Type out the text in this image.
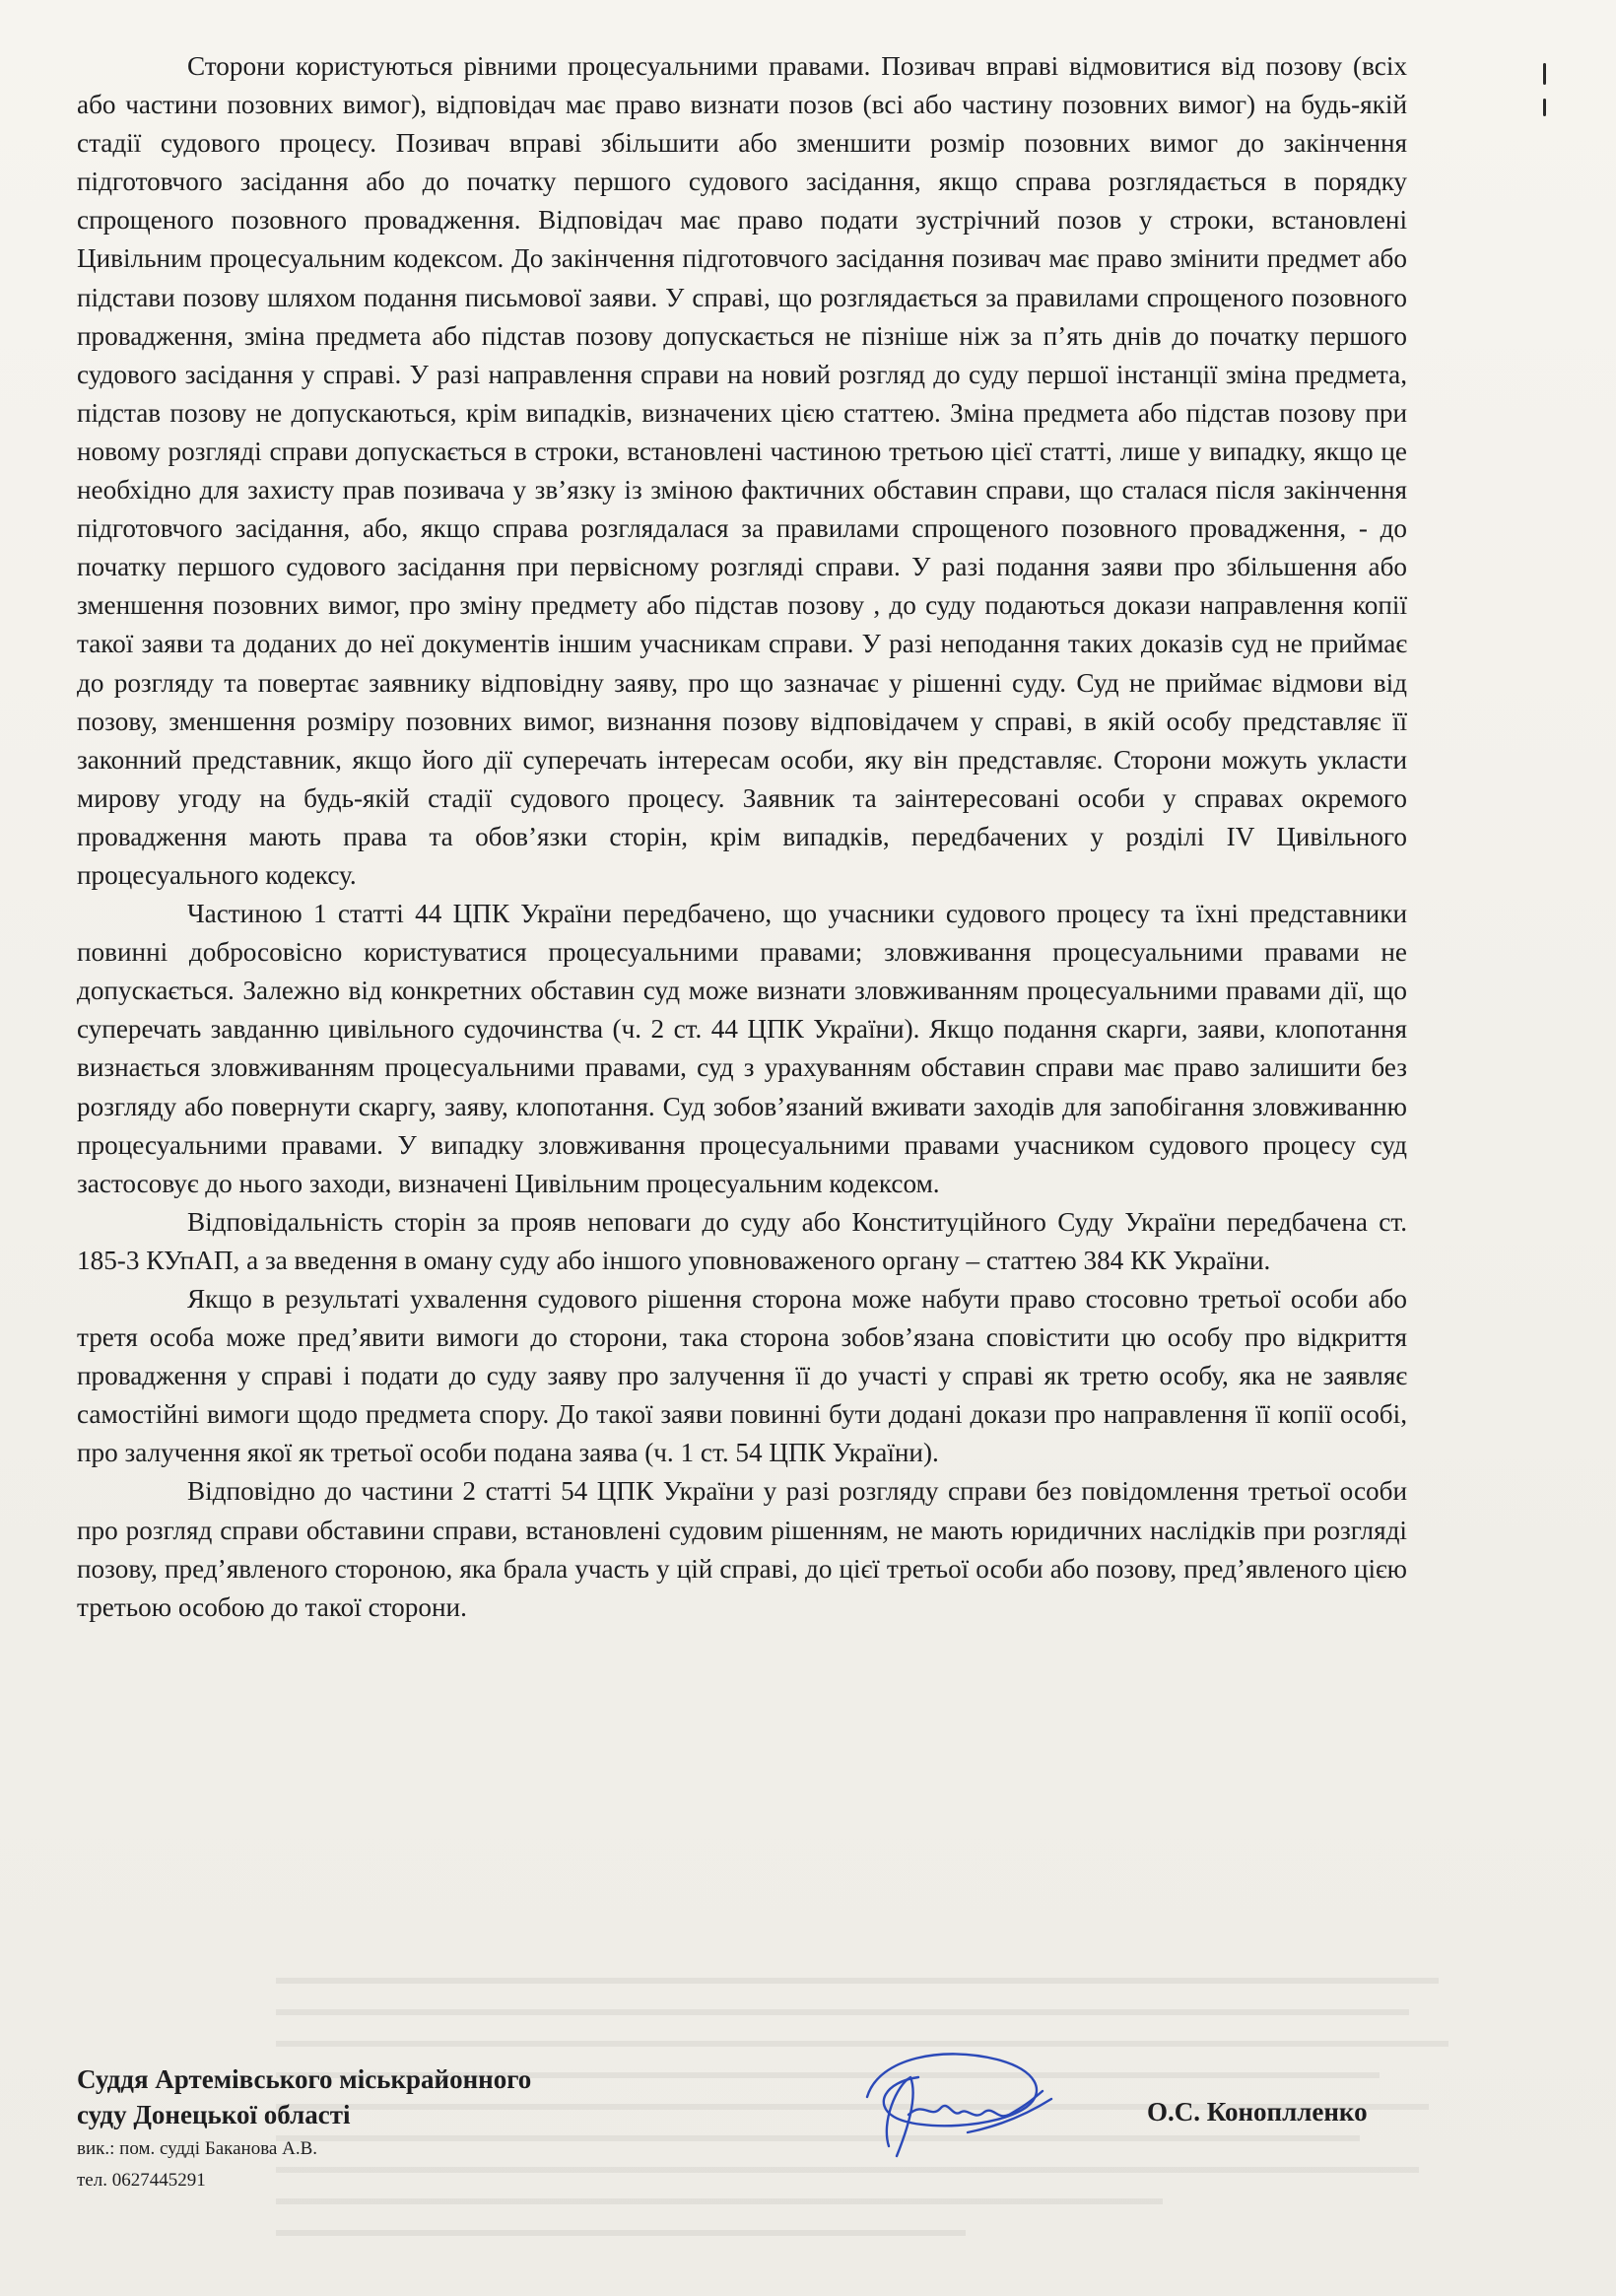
Сторони користуються рівними процесуальними правами. Позивач вправі відмовитися від позову (всіх або частини позовних вимог), відповідач має право визнати позов (всі або частину позовних вимог) на будь-якій стадії судового процесу. Позивач вправі збільшити або зменшити розмір позовних вимог до закінчення підготовчого засідання або до початку першого судового засідання, якщо справа розглядається в порядку спрощеного позовного провадження. Відповідач має право подати зустрічний позов у строки, встановлені Цивільним процесуальним кодексом. До закінчення підготовчого засідання позивач має право змінити предмет або підстави позову шляхом подання письмової заяви. У справі, що розглядається за правилами спрощеного позовного провадження, зміна предмета або підстав позову допускається не пізніше ніж за п’ять днів до початку першого судового засідання у справі. У разі направлення справи на новий розгляд до суду першої інстанції зміна предмета, підстав позову не допускаються, крім випадків, визначених цією статтею. Зміна предмета або підстав позову при новому розгляді справи допускається в строки, встановлені частиною третьою цієї статті, лише у випадку, якщо це необхідно для захисту прав позивача у зв’язку із зміною фактичних обставин справи, що сталася після закінчення підготовчого засідання, або, якщо справа розглядалася за правилами спрощеного позовного провадження, - до початку першого судового засідання при первісному розгляді справи. У разі подання заяви про збільшення або зменшення позовних вимог, про зміну предмету або підстав позову , до суду подаються докази направлення копії такої заяви та доданих до неї документів іншим учасникам справи. У разі неподання таких доказів суд не приймає до розгляду та повертає заявнику відповідну заяву, про що зазначає у рішенні суду. Суд не приймає відмови від позову, зменшення розміру позовних вимог, визнання позову відповідачем у справі, в якій особу представляє її законний представник, якщо його дії суперечать інтересам особи, яку він представляє. Сторони можуть укласти мирову угоду на будь-якій стадії судового процесу. Заявник та заінтересовані особи у справах окремого провадження мають права та обов’язки сторін, крім випадків, передбачених у розділі IV Цивільного процесуального кодексу.

Частиною 1 статті 44 ЦПК України передбачено, що учасники судового процесу та їхні представники повинні добросовісно користуватися процесуальними правами; зловживання процесуальними правами не допускається. Залежно від конкретних обставин суд може визнати зловживанням процесуальними правами дії, що суперечать завданню цивільного судочинства (ч. 2 ст. 44 ЦПК України). Якщо подання скарги, заяви, клопотання визнається зловживанням процесуальними правами, суд з урахуванням обставин справи має право залишити без розгляду або повернути скаргу, заяву, клопотання. Суд зобов’язаний вживати заходів для запобігання зловживанню процесуальними правами. У випадку зловживання процесуальними правами учасником судового процесу суд застосовує до нього заходи, визначені Цивільним процесуальним кодексом.

Відповідальність сторін за прояв неповаги до суду або Конституційного Суду України передбачена ст. 185-3 КУпАП, а за введення в оману суду або іншого уповноваженого органу – статтею 384 КК України.

Якщо в результаті ухвалення судового рішення сторона може набути право стосовно третьої особи або третя особа може пред’явити вимоги до сторони, така сторона зобов’язана сповістити цю особу про відкриття провадження у справі і подати до суду заяву про залучення її до участі у справі як третю особу, яка не заявляє самостійні вимоги щодо предмета спору. До такої заяви повинні бути додані докази про направлення її копії особі, про залучення якої як третьої особи подана заява (ч. 1 ст. 54 ЦПК України).

Відповідно до частини 2 статті 54 ЦПК України у разі розгляду справи без повідомлення третьої особи про розгляд справи обставини справи, встановлені судовим рішенням, не мають юридичних наслідків при розгляді позову, пред’явленого стороною, яка брала участь у цій справі, до цієї третьої особи або позову, пред’явленого цією третьою особою до такої сторони.

Суддя Артемівського міськрайонного
суду Донецької області
вик.: пом. судді Баканова А.В.
тел. 0627445291
О.С. Коноплленко
